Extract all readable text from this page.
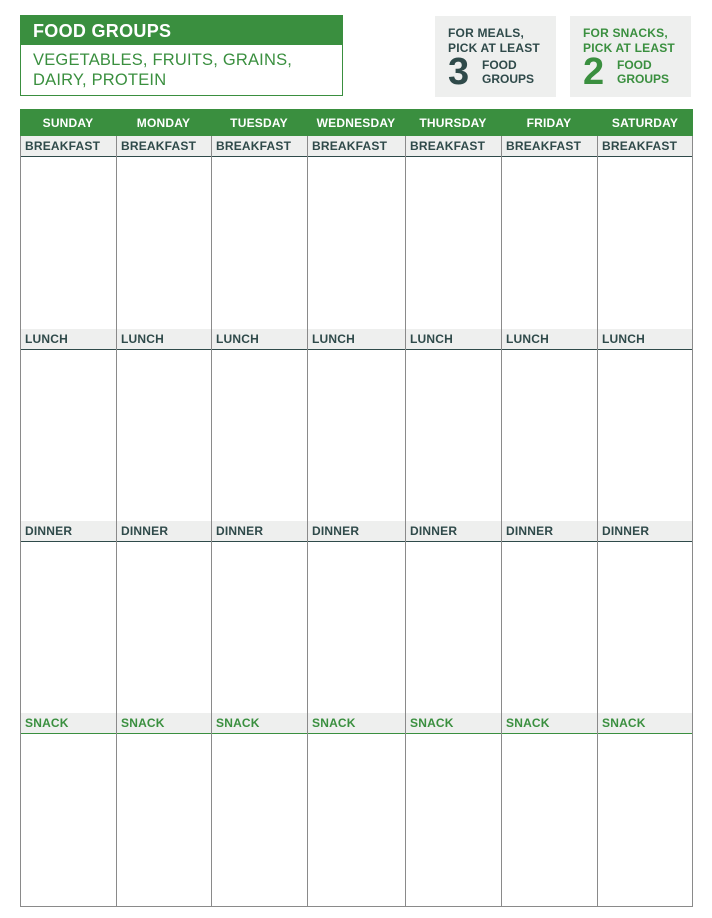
FOOD GROUPS
VEGETABLES, FRUITS, GRAINS,
DAIRY, PROTEIN
FOR MEALS,
PICK AT LEAST
3	FOOD
GROUPS
FOR SNACKS,
PICK AT LEAST
2	FOOD
GROUPS
SUNDAY	MONDAY	TUESDAY	WEDNESDAY	THURSDAY	FRIDAY	SATURDAY
BREAKFAST	BREAKFAST	BREAKFAST	BREAKFAST	BREAKFAST	BREAKFAST	BREAKFAST
LUNCH	LUNCH	LUNCH	LUNCH	LUNCH	LUNCH	LUNCH
DINNER	DINNER	DINNER	DINNER	DINNER	DINNER	DINNER
SNACK	SNACK	SNACK	SNACK	SNACK	SNACK	SNACK
